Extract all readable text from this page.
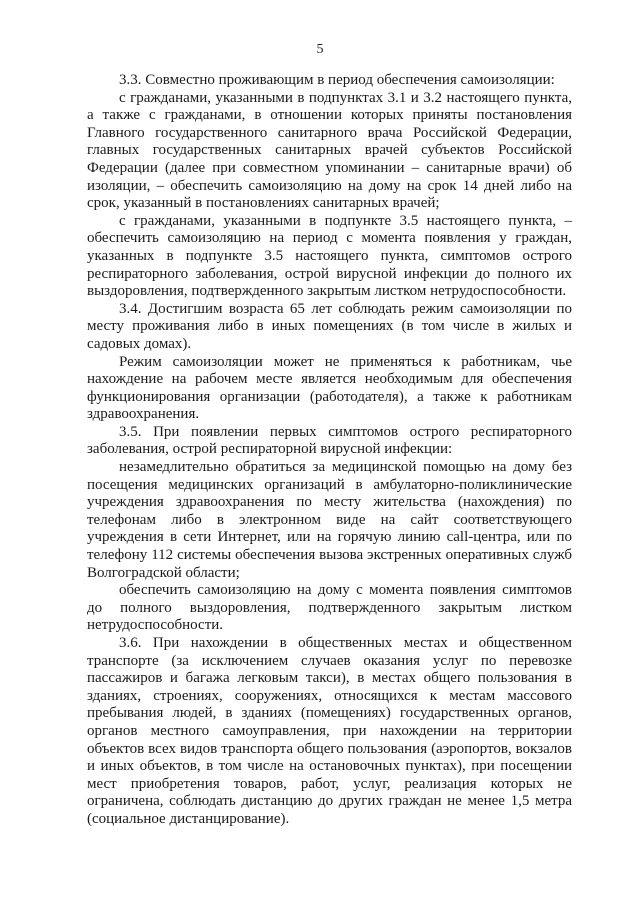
5

3.3. Совместно проживающим в период обеспечения самоизоляции:

с гражданами, указанными в подпунктах 3.1 и 3.2 настоящего пункта, а также с гражданами, в отношении которых приняты постановления Главного государственного санитарного врача Российской Федерации, главных государственных санитарных врачей субъектов Российской Федерации (далее при совместном упоминании – санитарные врачи) об изоляции, – обеспечить самоизоляцию на дому на срок 14 дней либо на срок, указанный в постановлениях санитарных врачей;

с гражданами, указанными в подпункте 3.5 настоящего пункта, – обеспечить самоизоляцию на период с момента появления у граждан, указанных в подпункте 3.5 настоящего пункта, симптомов острого респираторного заболевания, острой вирусной инфекции до полного их выздоровления, подтвержденного закрытым листком нетрудоспособности.

3.4. Достигшим возраста 65 лет соблюдать режим самоизоляции по месту проживания либо в иных помещениях (в том числе в жилых и садовых домах).

Режим самоизоляции может не применяться к работникам, чье нахождение на рабочем месте является необходимым для обеспечения функционирования организации (работодателя), а также к работникам здравоохранения.

3.5. При появлении первых симптомов острого респираторного заболевания, острой респираторной вирусной инфекции:

незамедлительно обратиться за медицинской помощью на дому без посещения медицинских организаций в амбулаторно-поликлинические учреждения здравоохранения по месту жительства (нахождения) по телефонам либо в электронном виде на сайт соответствующего учреждения в сети Интернет, или на горячую линию call-центра, или по телефону 112 системы обеспечения вызова экстренных оперативных служб Волгоградской области;

обеспечить самоизоляцию на дому с момента появления симптомов до полного выздоровления, подтвержденного закрытым листком нетрудоспособности.

3.6. При нахождении в общественных местах и общественном транспорте (за исключением случаев оказания услуг по перевозке пассажиров и багажа легковым такси), в местах общего пользования в зданиях, строениях, сооружениях, относящихся к местам массового пребывания людей, в зданиях (помещениях) государственных органов, органов местного самоуправления, при нахождении на территории объектов всех видов транспорта общего пользования (аэропортов, вокзалов и иных объектов, в том числе на остановочных пунктах), при посещении мест приобретения товаров, работ, услуг, реализация которых не ограничена, соблюдать дистанцию до других граждан не менее 1,5 метра (социальное дистанцирование).
